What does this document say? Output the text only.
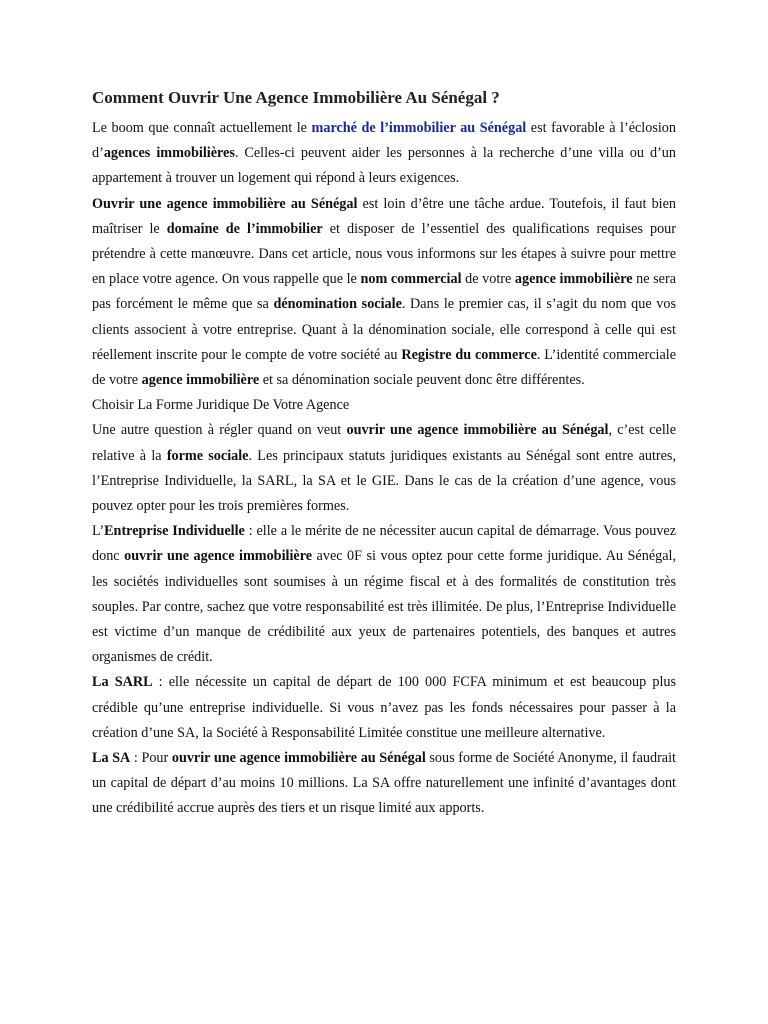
Comment Ouvrir Une Agence Immobilière Au Sénégal ?

Le boom que connaît actuellement le marché de l’immobilier au Sénégal est favorable à l’éclosion d’agences immobilières. Celles-ci peuvent aider les personnes à la recherche d’une villa ou d’un appartement à trouver un logement qui répond à leurs exigences.

Ouvrir une agence immobilière au Sénégal est loin d’être une tâche ardue. Toutefois, il faut bien maîtriser le domaine de l’immobilier et disposer de l’essentiel des qualifications requises pour prétendre à cette manœuvre. Dans cet article, nous vous informons sur les étapes à suivre pour mettre en place votre agence. On vous rappelle que le nom commercial de votre agence immobilière ne sera pas forcément le même que sa dénomination sociale. Dans le premier cas, il s’agit du nom que vos clients associent à votre entreprise. Quant à la dénomination sociale, elle correspond à celle qui est réellement inscrite pour le compte de votre société au Registre du commerce. L’identité commerciale de votre agence immobilière et sa dénomination sociale peuvent donc être différentes.

Choisir La Forme Juridique De Votre Agence

Une autre question à régler quand on veut ouvrir une agence immobilière au Sénégal, c’est celle relative à la forme sociale. Les principaux statuts juridiques existants au Sénégal sont entre autres, l’Entreprise Individuelle, la SARL, la SA et le GIE. Dans le cas de la création d’une agence, vous pouvez opter pour les trois premières formes.

L’Entreprise Individuelle : elle a le mérite de ne nécessiter aucun capital de démarrage. Vous pouvez donc ouvrir une agence immobilière avec 0F si vous optez pour cette forme juridique. Au Sénégal, les sociétés individuelles sont soumises à un régime fiscal et à des formalités de constitution très souples. Par contre, sachez que votre responsabilité est très illimitée. De plus, l’Entreprise Individuelle est victime d’un manque de crédibilité aux yeux de partenaires potentiels, des banques et autres organismes de crédit.

La SARL : elle nécessite un capital de départ de 100 000 FCFA minimum et est beaucoup plus crédible qu’une entreprise individuelle. Si vous n’avez pas les fonds nécessaires pour passer à la création d’une SA, la Société à Responsabilité Limitée constitue une meilleure alternative.

La SA : Pour ouvrir une agence immobilière au Sénégal sous forme de Société Anonyme, il faudrait un capital de départ d’au moins 10 millions. La SA offre naturellement une infinité d’avantages dont une crédibilité accrue auprès des tiers et un risque limité aux apports.
